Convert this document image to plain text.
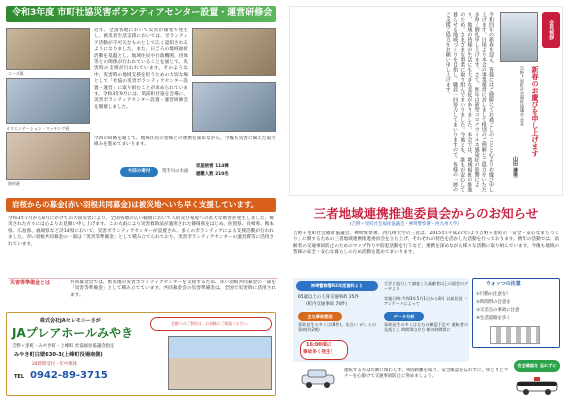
令和3年度 市町社協災害ボランティアセンター設置・運営研修会
ニーズ班
オリエンテーション・マッチング班
資材班
近年、全国各地において災害が頻発で発生し、被災者生活支援においては、ボランティア活動が不可欠なものとして広く認知されるようになりました。また、日ごろの地域福祉活動を基盤とし、地域住民や行政機関、団体等との関係が行われていることを通じて、災害時の支援が行われています。そのような中、災害時の地域支援を担うための大切な場として「社協の災害ボランティアセンター設置・運営」に取り組むことが求められています。令和3年9月には、筑前町社協を会場に、災害ボランティアセンター設置・運営研修会を開催しました。
今回の研修を通じて、地域住民の皆様との連携を深めながら、今後も災害に備えた取り組みを進めてまいります。
今回の寄付	筑⼿川の⽔面
家屋被害 114棟
避難人数 210名
岩桜からの募金(赤い羽根共同募金)は被災地へいち早く支援しています。
令和3年7月から8月にかけての大雨災害により、全国各地の広い範囲において人的及び家屋への甚大な被害が発生しました。被災された方々には心よりお見舞い申し上げます。この大雨により災害救助法が適用された静岡県をはじめ、佐賀県、長崎県、熊本県、広島県、福岡県など計14県において、災害ボランティアセンターが設置され、多くのボランティアによる支援活動が行われました。赤い羽根共同募金の一部は「災害等準備金」として積み立てられており、災害ボランティアセンターの運営費等に活用されています。
災害等準備金とは	共同募金会では、被災地の災害ボランティアセンターを支援するため、赤い羽根共同募金の一部を「災害等準備金」として積み立てています。共同募金会の災害準備金は、全国で災害時に活用されます。
株式会社JAセレモニーさが
JAプレアホールみやき
吉野ヶ里町・みやき町・上峰町 社協福祉協議会指定
みやき町白壁630-3(上峰町役場南側)
24時間受付・年中無休
TEL 0942-89-3715
会館へのご利用は、お気軽にご相談ください。
会長挨拶
新春のお慶びを申し上げます
吉野ヶ里町社会福祉協議会 会長
山田 達男
令和四年の新春を迎え、皆様にはご健勝にてお過ごしのことと心よりお慶び申し上げます。日頃より本会の事業運営に対しまして格別のご理解とご協力をいただき厚く御礼申し上げます。さて、昨年は新型コロナウイルス感染症の影響により、地域の皆様の生活にも大きな変化がありました。本会では、地域福祉の推進のため、さまざまな事業に取り組んでまいりました。今後とも、誰もが安心して暮らせる地域づくりを目指し、職員一同努力してまいりますので、皆様の一層のご支援ご協力をお願い申し上げます。
三者地域連携推進委員会からのお知らせ
(吉野ヶ里町社会福祉協議会・神埼警察署・西九州大学)
吉野ヶ里町社会福祉協議会、神埼警察署、西九州大学の三者は、2015年(平成27年)より吉野ヶ里町の「安全・安心なまちづくり」に関するための三者地域連携推進委員会を立ち上げ、それぞれの特色を活かした活動を行っております。例年の活動では、高齢者の交通事故防止のためのマップ作りや防犯活動を行うなど、連携を深めながら様々な活動に取り組んでいます。今後も地域の皆様の安全・安心な暮らしのため活動を進めてまいります。
神埼警察署R2年度資料より
65歳以上の人身交通事故 25件
(町内交通事故 74件)
大学と協力して調査した高齢者以上の面会のデータより
実施日時:令和3年5月1日から8月 以前状況 ・アンケートによって
主な事故要因
事故発生の多くは(8件)。出合い がしらの事故(約2割)
データ分析
事故発生の多くは左右の確認不足や 運転者の見落とし 時間帯は夕方 朝の時間帯に
16:00頃に
事故多く発生！
ウォッつの注意
①行動の注意を!
②時間帯の注意を
③交差点の事故に注意
④生活道路を歩く
運転する方は年齢に関わらず、車間距離を取り、安全確認を忘れずに、ゆとりとマナーを心掛けて交通事故防止に努めましょう。
安全確認を 忘れずに
